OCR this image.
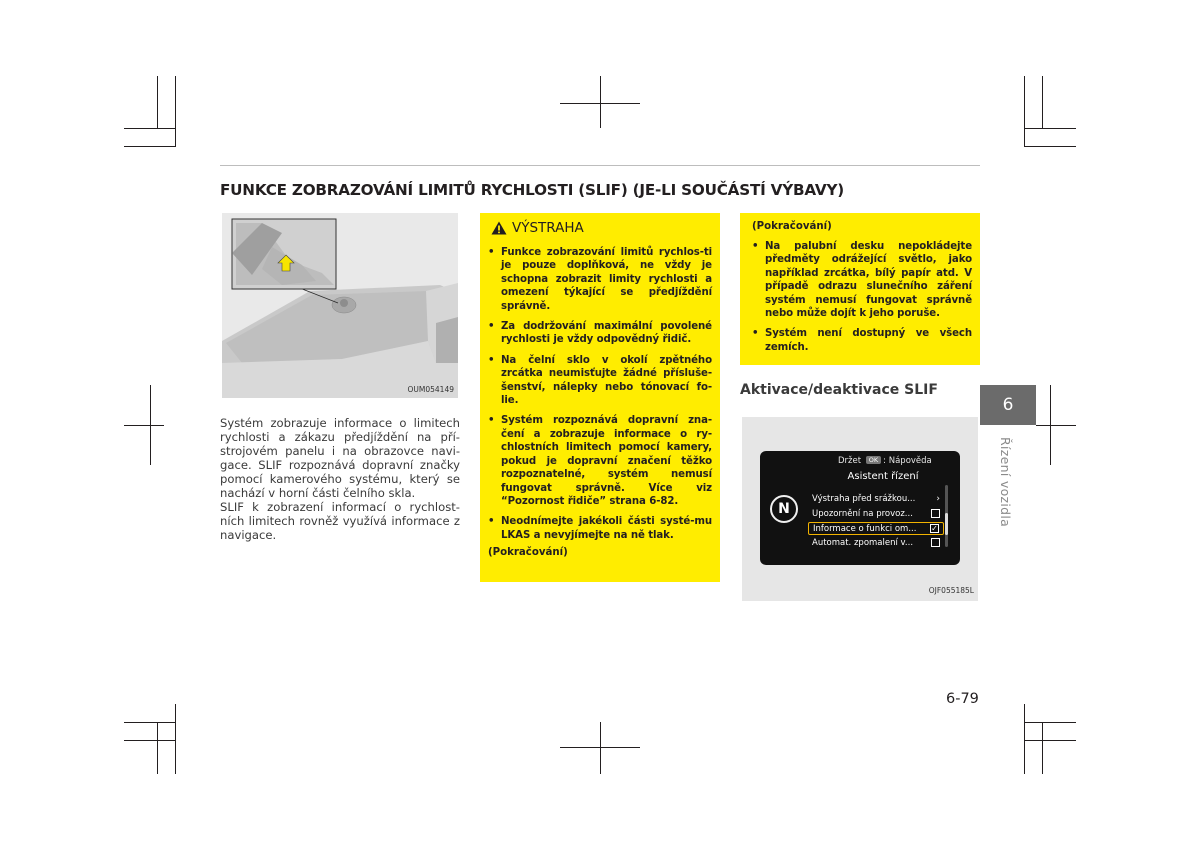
FUNKCE ZOBRAZOVÁNÍ LIMITŮ RYCHLOSTI (SLIF) (JE-LI SOUČÁSTÍ VÝBAVY)
OUM054149

Systém zobrazuje informace o limitech rychlosti a zákazu předjíždění na pří-strojovém panelu i na obrazovce navi-gace. SLIF rozpoznává dopravní značky pomocí kamerového systému, který se nachází v horní části čelního skla.

SLIF k zobrazení informací o rychlost-ních limitech rovněž využívá informace z navigace.

VÝSTRAHA
• Funkce zobrazování limitů rychlos-ti je pouze doplňková, ne vždy je schopna zobrazit limity rychlosti a omezení týkající se předjíždění správně.
• Za dodržování maximální povolené rychlosti je vždy odpovědný řidič.
• Na čelní sklo v okolí zpětného zrcátka neumisťujte žádné přísluše-šenství, nálepky nebo tónovací fo-lie.
• Systém rozpoznává dopravní zna-čení a zobrazuje informace o ry-chlostních limitech pomocí kamery, pokud je dopravní značení těžko rozpoznatelné, systém nemusí fungovat správně. Více viz “Pozornost řidiče” strana 6-82.
• Neodnímejte jakékoli části systé-mu LKAS a nevyjímejte na ně tlak.
(Pokračování)
(Pokračování)
• Na palubní desku nepokládejte předměty odrážející světlo, jako například zrcátka, bílý papír atd. V případě odrazu slunečního záření systém nemusí fungovat správně nebo může dojít k jeho poruše.
• Systém není dostupný ve všech zemích.
Aktivace/deaktivace SLIF
Držet OK : Nápověda
Asistent řízení
N
Výstraha před srážkou... ›
Upozornění na provoz...
Informace o funkci om... ✓
Automat. zpomalení v...
OJF055185L
6
Řízení vozidla
6-79
